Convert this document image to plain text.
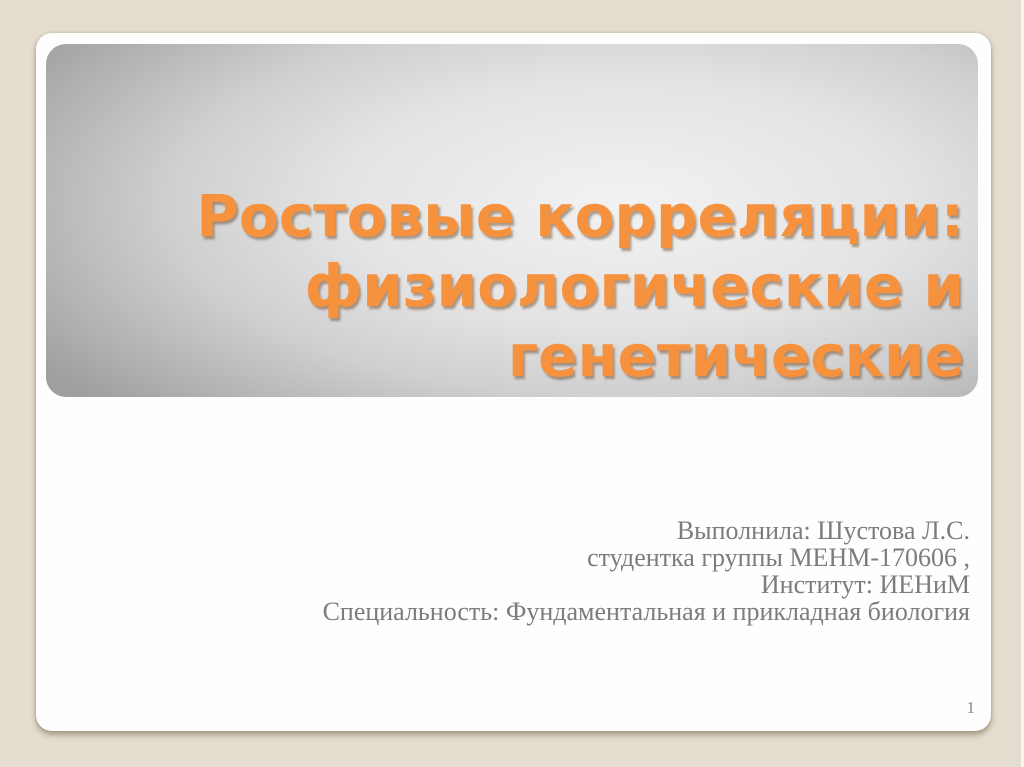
Ростовые корреляции: физиологические и генетические
Выполнила: Шустова Л.С.
студентка группы МЕНМ-170606 ,
Институт: ИЕНиМ
Специальность: Фундаментальная и прикладная биология
1
